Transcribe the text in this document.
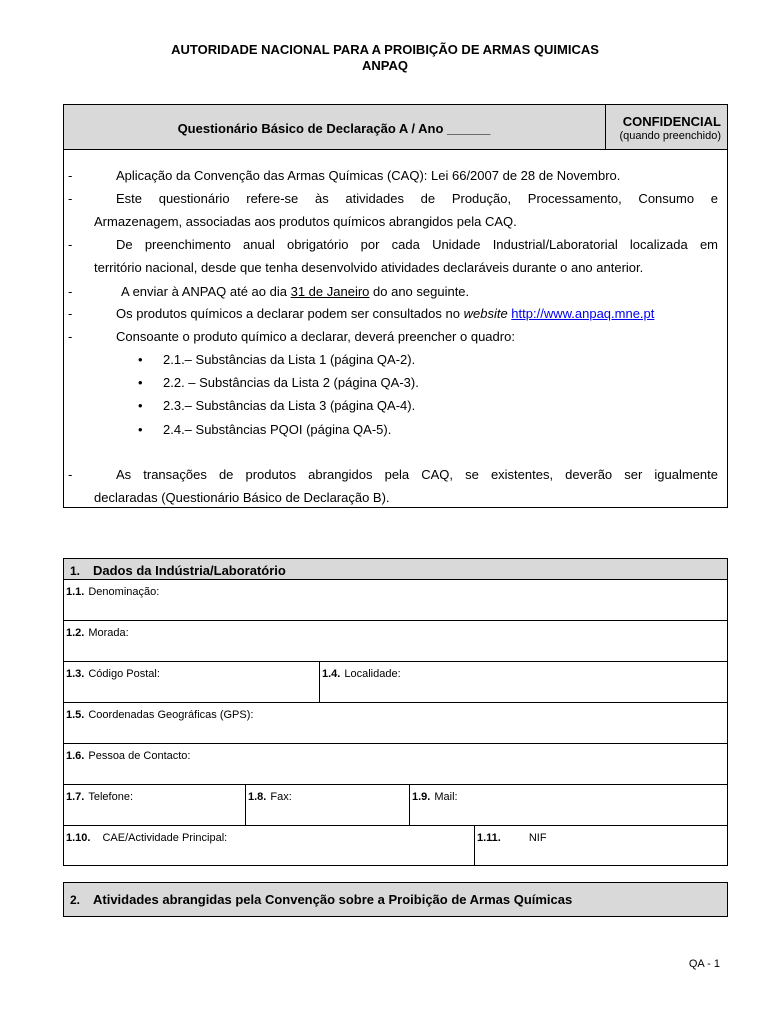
AUTORIDADE NACIONAL PARA A PROIBIÇÃO DE ARMAS QUIMICAS
ANPAQ
Questionário Básico de Declaração A / Ano ______	CONFIDENCIAL
(quando preenchido)
-	Aplicação da Convenção das Armas Químicas (CAQ): Lei 66/2007 de 28 de Novembro.
-	Este questionário refere-se às atividades de Produção, Processamento, Consumo e
Armazenagem, associadas aos produtos químicos abrangidos pela CAQ.
-	De preenchimento anual obrigatório por cada Unidade Industrial/Laboratorial localizada em
território nacional, desde que tenha desenvolvido atividades declaráveis durante o ano anterior.
-	A enviar à ANPAQ até ao dia 31 de Janeiro do ano seguinte.
-	Os produtos químicos a declarar podem ser consultados no website http://www.anpaq.mne.pt
-	Consoante o produto químico a declarar, deverá preencher o quadro:
• 2.1.– Substâncias da Lista 1 (página QA-2).
• 2.2. – Substâncias da Lista 2 (página QA-3).
• 2.3.– Substâncias da Lista 3 (página QA-4).
• 2.4.– Substâncias PQOI (página QA-5).
-	As transações de produtos abrangidos pela CAQ, se existentes, deverão ser igualmente
declaradas (Questionário Básico de Declaração B).
1. Dados da Indústria/Laboratório
1.1. Denominação:
1.2. Morada:
1.3. Código Postal:	1.4. Localidade:
1.5. Coordenadas Geográficas (GPS):
1.6. Pessoa de Contacto:
1.7. Telefone:	1.8. Fax:	1.9. Mail:
1.10. CAE/Actividade Principal:	1.11.	NIF
2. Atividades abrangidas pela Convenção sobre a Proibição de Armas Químicas
QA - 1
